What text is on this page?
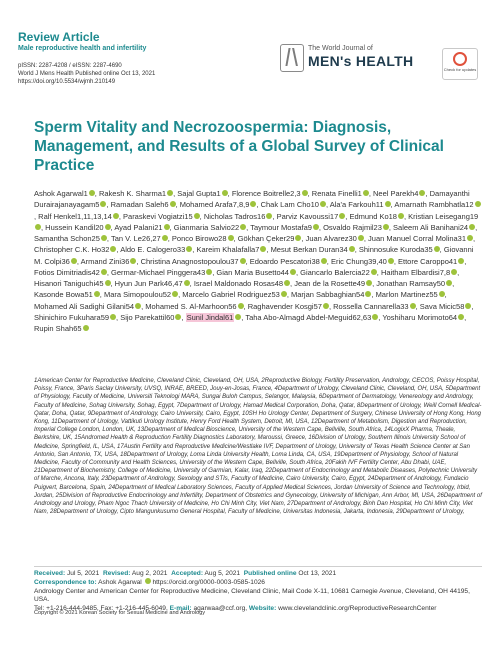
Review Article
Male reproductive health and infertility
pISSN: 2287-4208 / eISSN: 2287-4690
World J Mens Health Published online Oct 13, 2021
https://doi.org/10.5534/wjmh.210149
The World Journal of
MEN's HEALTH
Check for updates
Sperm Vitality and Necrozoospermia: Diagnosis, Management, and Results of a Global Survey of Clinical Practice
Ashok Agarwal1 , Rakesh K. Sharma1 , Sajal Gupta1 , Florence Boitrelle2,3 , Renata Finelli1 , Neel Parekh4 , Damayanthi Durairajanayagam5 , Ramadan Saleh6 , Mohamed Arafa7,8,9 , Chak Lam Cho10 , Ala'a Farkouh11 , Amarnath Rambhatla12, Ralf Henkel1,11,13,14 , Paraskevi Vogiatzi15 , Nicholas Tadros16 , Parviz Kavoussi17 , Edmund Ko18 , Kristian Leisegang19, Hussein Kandil20 , Ayad Palani21 , Gianmaria Salvio22 , Taymour Mostafa9 , Osvaldo Rajmil23 , Saleem Ali Banihani24 , Samantha Schon25 , Tan V. Le26,27 , Ponco Birowo28 , Gökhan Çeker29 , Juan Alvarez30 , Juan Manuel Corral Molina31 , Christopher C.K. Ho32 , Aldo E. Calogero33 , Kareim Khalafalla7 , Mesut Berkan Duran34 , Shinnosuke Kuroda35 , Giovanni M. Colpi36 , Armand Zini36 , Christina Anagnostopoulou37 , Edoardo Pescatori38 , Eric Chung39,40 , Ettore Caroppo41 , Fotios Dimitriadis42 , Germar-Michael Pinggera43 , Gian Maria Busetto44 , Giancarlo Balercia22 , Haitham Elbardisi7,8 , Hisanori Taniguchi45 , Hyun Jun Park46,47 , Israel Maldonado Rosas48 , Jean de la Rosette49 , Jonathan Ramsay50 , Kasonde Bowa51 , Mara Simopoulou52 , Marcelo Gabriel Rodriguez53 , Marjan Sabbaghian54 , Marlon Martinez55 , Mohamed Ali Sadighi Gilani54 , Mohamed S. Al-Marhoon56 , Raghavender Kosgi57 , Rossella Cannarella33 , Sava Micic58 , Shinichiro Fukuhara59 , Sijo Parekattil60 , Sunil Jindal61 , Taha Abo-Almagd Abdel-Meguid62,63 , Yoshiharu Morimoto64 , Rupin Shah65
1American Center for Reproductive Medicine, Cleveland Clinic, Cleveland, OH, USA, 2Reproductive Biology, Fertility Preservation, Andrology, CECOS, Poissy Hospital, Poissy, France, 3Paris Saclay University, UVSQ, INRAE, BREED, Jouy-en-Josas, France, 4Department of Urology, Cleveland Clinic, Cleveland, OH, USA, 5Department of Physiology, Faculty of Medicine, Universiti Teknologi MARA, Sungai Buloh Campus, Selangor, Malaysia, 6Department of Dermatology, Venereology and Andrology, Faculty of Medicine, Sohag University, Sohag, Egypt, 7Department of Urology, Hamad Medical Corporation, Doha, Qatar, 8Department of Urology, Weill Cornell Medical-Qatar, Doha, Qatar, 9Department of Andrology, Cairo University, Cairo, Egypt, 10SH Ho Urology Center, Department of Surgery, Chinese University of Hong Kong, Hong Kong, 11Department of Urology, Vattikuti Urology Institute, Henry Ford Health System, Detroit, MI, USA, 12Department of Metabolism, Digestion and Reproduction, Imperial College London, London, UK, 13Department of Medical Bioscience, University of the Western Cape, Bellville, South Africa, 14LogixX Pharma, Theale, Berkshire, UK, 15Andromed Health & Reproduction Fertility Diagnostics Laboratory, Maroussi, Greece, 16Division of Urology, Southern Illinois University School of Medicine, Springfield, IL, USA, 17Austin Fertility and Reproductive Medicine/Westlake IVF, Department of Urology, University of Texas Health Science Center at San Antonio, San Antonio, TX, USA, 18Department of Urology, Loma Linda University Health, Loma Linda, CA, USA, 19Department of Physiology, School of Natural Medicine, Faculty of Community and Health Sciences, University of the Western Cape, Bellville, South Africa, 20Fakih IVF Fertility Center, Abu Dhabi, UAE, 21Department of Biochemistry, College of Medicine, University of Garmian, Kalar, Iraq, 22Department of Endocrinology and Metabolic Diseases, Polytechnic University of Marche, Ancona, Italy, 23Department of Andrology, Sexology and STIs, Faculty of Medicine, Cairo University, Cairo, Egypt, 24Department of Andrology, Fundacio Puigvert, Barcelona, Spain, 24Department of Medical Laboratory Sciences, Faculty of Applied Medical Sciences, Jordan University of Science and Technology, Irbid, Jordan, 25Division of Reproductive Endocrinology and Infertility, Department of Obstetrics and Gynecology, University of Michigan, Ann Arbor, MI, USA, 26Department of Andrology and Urology, Pham Ngoc Thach University of Medicine, Ho Chi Minh City, Viet Nam, 27Department of Andrology, Binh Dan Hospital, Ho Chi Minh City, Viet Nam, 28Department of Urology, Cipto Mangunkusumo General Hospital, Faculty of Medicine, Universitas Indonesia, Jakarta, Indonesia, 29Department of Urology,
Received: Jul 5, 2021 Revised: Aug 2, 2021 Accepted: Aug 5, 2021 Published online Oct 13, 2021
Correspondence to: Ashok Agarwal https://orcid.org/0000-0003-0585-1026
Andrology Center and American Center for Reproductive Medicine, Cleveland Clinic, Mail Code X-11, 10681 Carnegie Avenue, Cleveland, OH 44195, USA.
Tel: +1-216-444-9485, Fax: +1-216-445-6049, E-mail: agarwaa@ccf.org, Website: www.clevelandclinic.org/ReproductiveResearchCenter
Copyright © 2021 Korean Society for Sexual Medicine and Andrology
